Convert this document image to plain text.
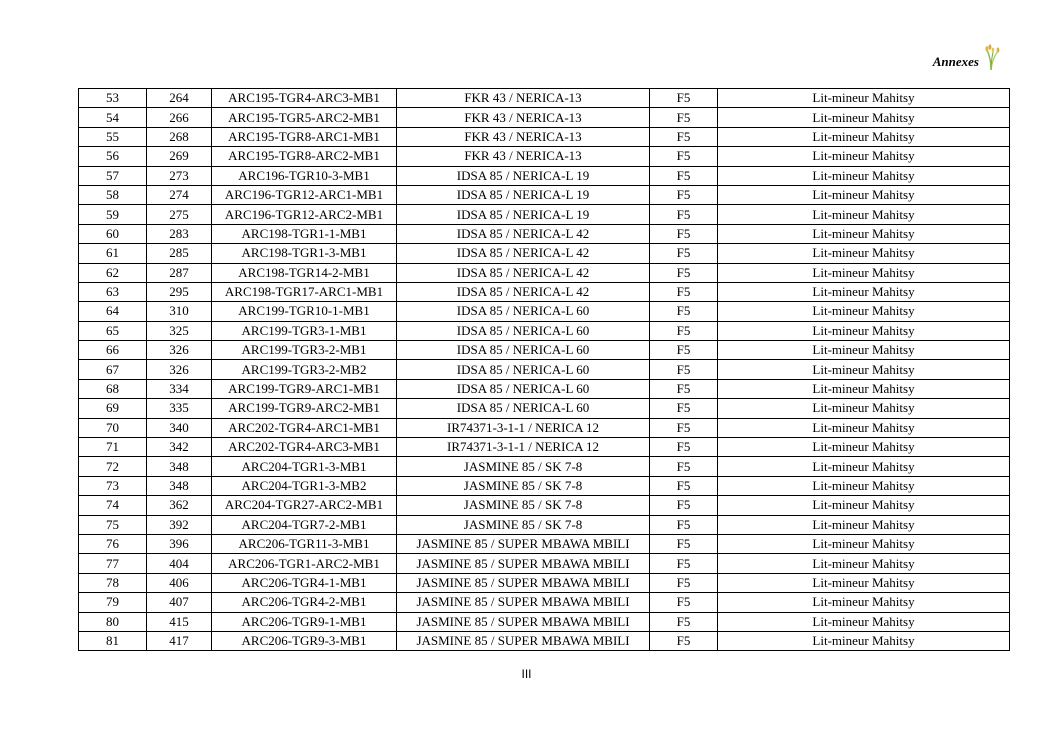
Annexes
53	264	ARC195-TGR4-ARC3-MB1	FKR 43 / NERICA-13	F5	Lit-mineur Mahitsy
54	266	ARC195-TGR5-ARC2-MB1	FKR 43 / NERICA-13	F5	Lit-mineur Mahitsy
55	268	ARC195-TGR8-ARC1-MB1	FKR 43 / NERICA-13	F5	Lit-mineur Mahitsy
56	269	ARC195-TGR8-ARC2-MB1	FKR 43 / NERICA-13	F5	Lit-mineur Mahitsy
57	273	ARC196-TGR10-3-MB1	IDSA 85 / NERICA-L 19	F5	Lit-mineur Mahitsy
58	274	ARC196-TGR12-ARC1-MB1	IDSA 85 / NERICA-L 19	F5	Lit-mineur Mahitsy
59	275	ARC196-TGR12-ARC2-MB1	IDSA 85 / NERICA-L 19	F5	Lit-mineur Mahitsy
60	283	ARC198-TGR1-1-MB1	IDSA 85 / NERICA-L 42	F5	Lit-mineur Mahitsy
61	285	ARC198-TGR1-3-MB1	IDSA 85 / NERICA-L 42	F5	Lit-mineur Mahitsy
62	287	ARC198-TGR14-2-MB1	IDSA 85 / NERICA-L 42	F5	Lit-mineur Mahitsy
63	295	ARC198-TGR17-ARC1-MB1	IDSA 85 / NERICA-L 42	F5	Lit-mineur Mahitsy
64	310	ARC199-TGR10-1-MB1	IDSA 85 / NERICA-L 60	F5	Lit-mineur Mahitsy
65	325	ARC199-TGR3-1-MB1	IDSA 85 / NERICA-L 60	F5	Lit-mineur Mahitsy
66	326	ARC199-TGR3-2-MB1	IDSA 85 / NERICA-L 60	F5	Lit-mineur Mahitsy
67	326	ARC199-TGR3-2-MB2	IDSA 85 / NERICA-L 60	F5	Lit-mineur Mahitsy
68	334	ARC199-TGR9-ARC1-MB1	IDSA 85 / NERICA-L 60	F5	Lit-mineur Mahitsy
69	335	ARC199-TGR9-ARC2-MB1	IDSA 85 / NERICA-L 60	F5	Lit-mineur Mahitsy
70	340	ARC202-TGR4-ARC1-MB1	IR74371-3-1-1 / NERICA 12	F5	Lit-mineur Mahitsy
71	342	ARC202-TGR4-ARC3-MB1	IR74371-3-1-1 / NERICA 12	F5	Lit-mineur Mahitsy
72	348	ARC204-TGR1-3-MB1	JASMINE 85 / SK 7-8	F5	Lit-mineur Mahitsy
73	348	ARC204-TGR1-3-MB2	JASMINE 85 / SK 7-8	F5	Lit-mineur Mahitsy
74	362	ARC204-TGR27-ARC2-MB1	JASMINE 85 / SK 7-8	F5	Lit-mineur Mahitsy
75	392	ARC204-TGR7-2-MB1	JASMINE 85 / SK 7-8	F5	Lit-mineur Mahitsy
76	396	ARC206-TGR11-3-MB1	JASMINE 85 / SUPER MBAWA MBILI	F5	Lit-mineur Mahitsy
77	404	ARC206-TGR1-ARC2-MB1	JASMINE 85 / SUPER MBAWA MBILI	F5	Lit-mineur Mahitsy
78	406	ARC206-TGR4-1-MB1	JASMINE 85 / SUPER MBAWA MBILI	F5	Lit-mineur Mahitsy
79	407	ARC206-TGR4-2-MB1	JASMINE 85 / SUPER MBAWA MBILI	F5	Lit-mineur Mahitsy
80	415	ARC206-TGR9-1-MB1	JASMINE 85 / SUPER MBAWA MBILI	F5	Lit-mineur Mahitsy
81	417	ARC206-TGR9-3-MB1	JASMINE 85 / SUPER MBAWA MBILI	F5	Lit-mineur Mahitsy
III
